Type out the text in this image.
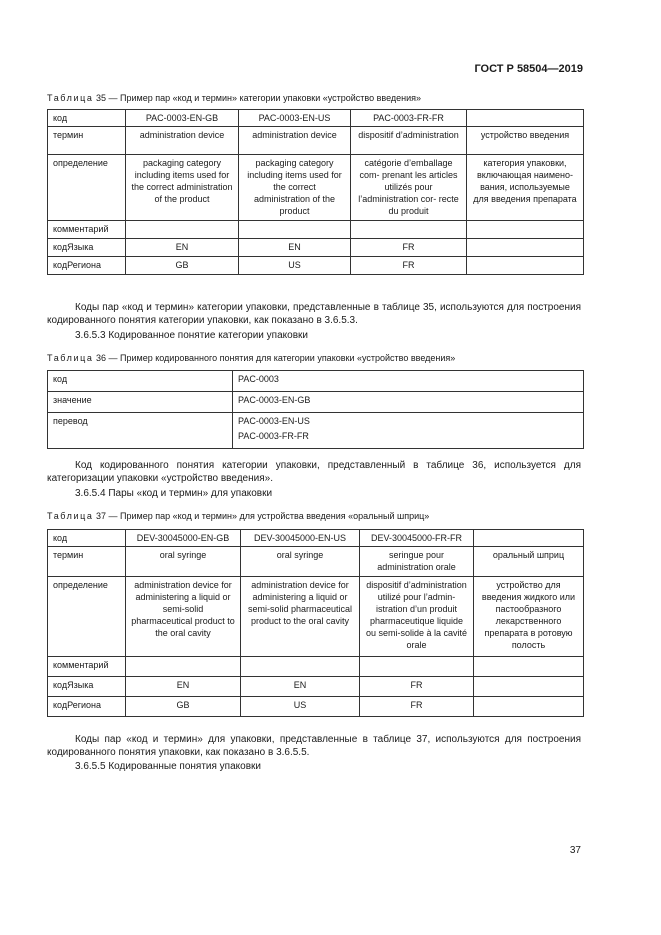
ГОСТ Р 58504—2019
Таблица 35 — Пример пар «код и термин» категории упаковки «устройство введения»
код	PAC-0003-EN-GB	PAC-0003-EN-US	PAC-0003-FR-FR	
термин	administration device	administration device	dispositif d’administration	устройство введения
определение	packaging category including items used for the correct administration of the product	packaging category including items used for the correct administration of the product	catégorie d’emballage com- prenant les articles utilizés pour l’administration cor- recte du produit	категория упаковки, включающая наименования, используемые для введения препарата
комментарий				
кодЯзыка	EN	EN	FR	
кодРегиона	GB	US	FR	
Коды пар «код и термин» категории упаковки, представленные в таблице 35, используются для построения кодированного понятия категории упаковки, как показано в 3.6.5.3.
3.6.5.3 Кодированное понятие категории упаковки
Таблица 36 — Пример кодированного понятия для категории упаковки «устройство введения»
код	PAC-0003
значение	PAC-0003-EN-GB
перевод	PAC-0003-EN-US
PAC-0003-FR-FR
Код кодированного понятия категории упаковки, представленный в таблице 36, используется для категоризации упаковки «устройство введения».
3.6.5.4 Пары «код и термин» для упаковки
Таблица 37 — Пример пар «код и термин» для устройства введения «оральный шприц»
код	DEV-30045000-EN-GB	DEV-30045000-EN-US	DEV-30045000-FR-FR	
термин	oral syringe	oral syringe	seringue pour administration orale	оральный шприц
определение	administration device for administering a liquid or semi-solid pharmaceutical product to the oral cavity	administration device for administering a liquid or semi-solid pharmaceutical product to the oral cavity	dispositif d’administration utilizé pour l’administration d’un produit pharmaceutique liquide ou semi-solide à la cavité orale	устройство для введения жидкого или пастообразного лекарственного препарата в ротовую полость
комментарий				
кодЯзыка	EN	EN	FR	
кодРегиона	GB	US	FR	
Коды пар «код и термин» для упаковки, представленные в таблице 37, используются для построения кодированного понятия упаковки, как показано в 3.6.5.5.
3.6.5.5 Кодированные понятия упаковки
37
